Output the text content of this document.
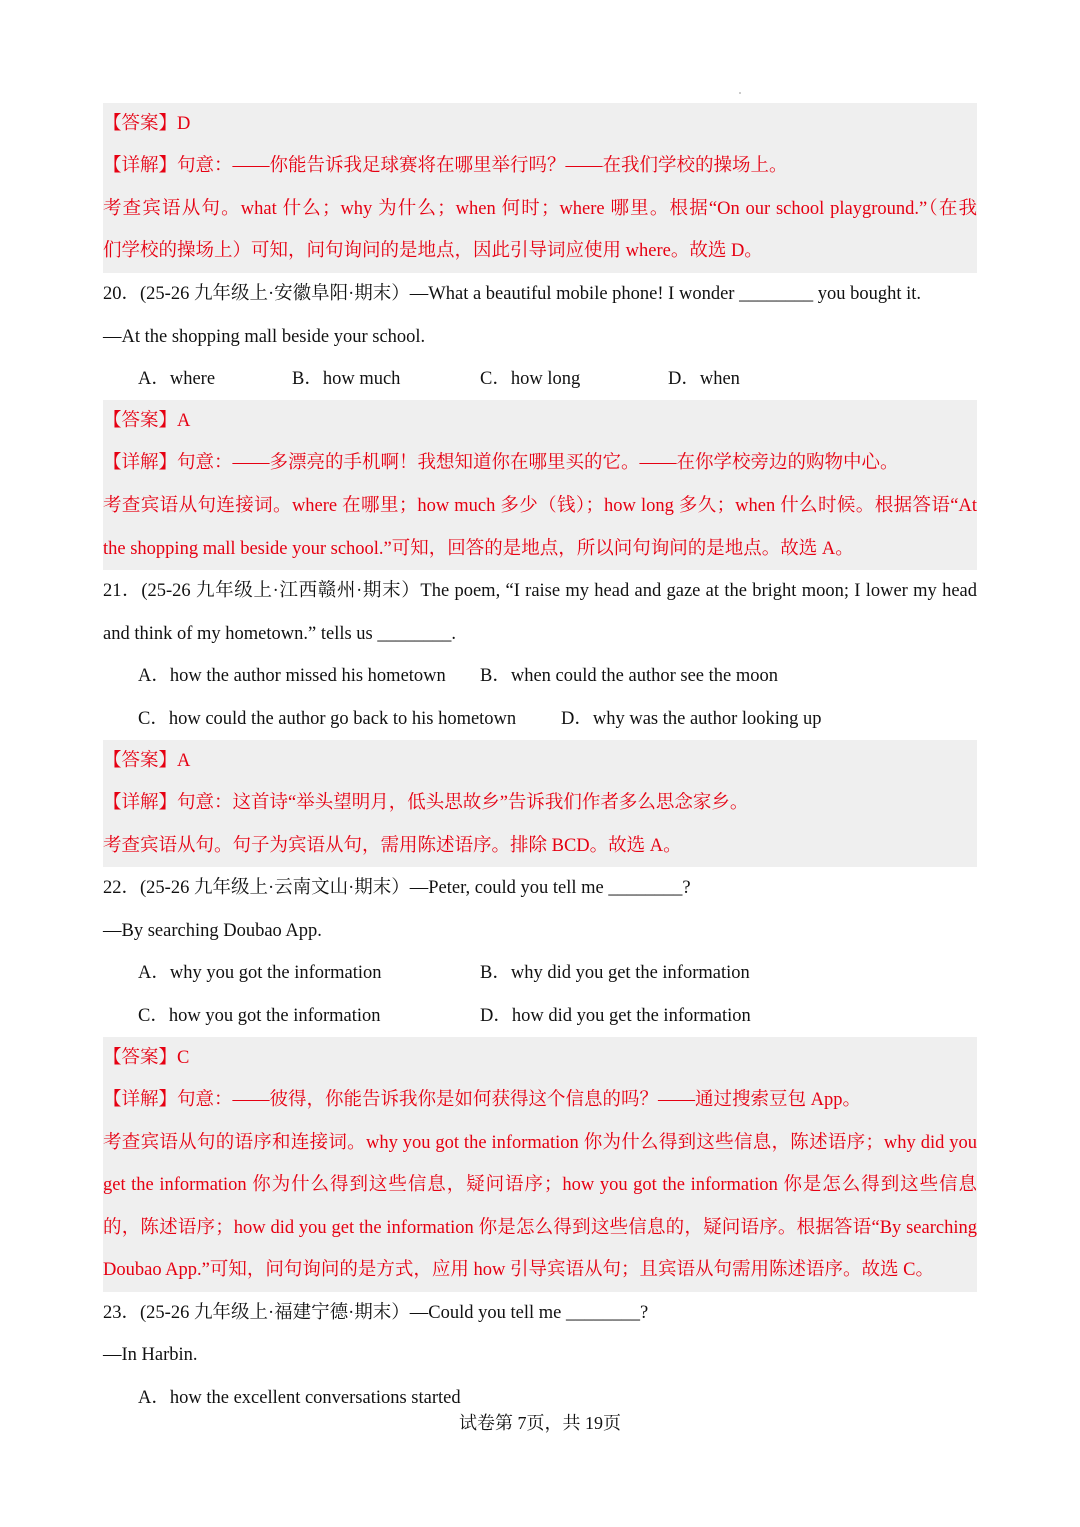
【答案】D
【详解】句意：——你能告诉我足球赛将在哪里举行吗？——在我们学校的操场上。
考查宾语从句。what 什么；why 为什么；when 何时；where 哪里。根据“On our school playground.”（在我
们学校的操场上）可知，问句询问的是地点，因此引导词应使用 where。故选 D。
20．(25-26 九年级上·安徽阜阳·期末）—What a beautiful mobile phone! I wonder ________ you bought it.
—At the shopping mall beside your school.
A．where	B．how much	C．how long	D．when
【答案】A
【详解】句意：——多漂亮的手机啊！我想知道你在哪里买的它。——在你学校旁边的购物中心。
考查宾语从句连接词。where 在哪里；how much 多少（钱）；how long 多久；when 什么时候。根据答语“At
the shopping mall beside your school.”可知，回答的是地点，所以问句询问的是地点。故选 A。
21．(25-26 九年级上·江西赣州·期末）The poem, “I raise my head and gaze at the bright moon; I lower my head
and think of my hometown.” tells us ________.
A．how the author missed his hometown B．when could the author see the moon
C．how could the author go back to his hometown D．why was the author looking up
【答案】A
【详解】句意：这首诗“举头望明月，低头思故乡”告诉我们作者多么思念家乡。
考查宾语从句。句子为宾语从句，需用陈述语序。排除 BCD。故选 A。
22．(25-26 九年级上·云南文山·期末）—Peter, could you tell me ________?
—By searching Doubao App.
A．why you got the information	B．why did you get the information
C．how you got the information	D．how did you get the information
【答案】C
【详解】句意：——彼得，你能告诉我你是如何获得这个信息的吗？——通过搜索豆包 App。
考查宾语从句的语序和连接词。why you got the information 你为什么得到这些信息，陈述语序；why did you
get the information 你为什么得到这些信息，疑问语序；how you got the information 你是怎么得到这些信息
的，陈述语序；how did you get the information 你是怎么得到这些信息的，疑问语序。根据答语“By searching
Doubao App.”可知，问句询问的是方式，应用 how 引导宾语从句；且宾语从句需用陈述语序。故选 C。
23．(25-26 九年级上·福建宁德·期末）—Could you tell me ________?
—In Harbin.
A．how the excellent conversations started
试卷第 7页，共 19页
